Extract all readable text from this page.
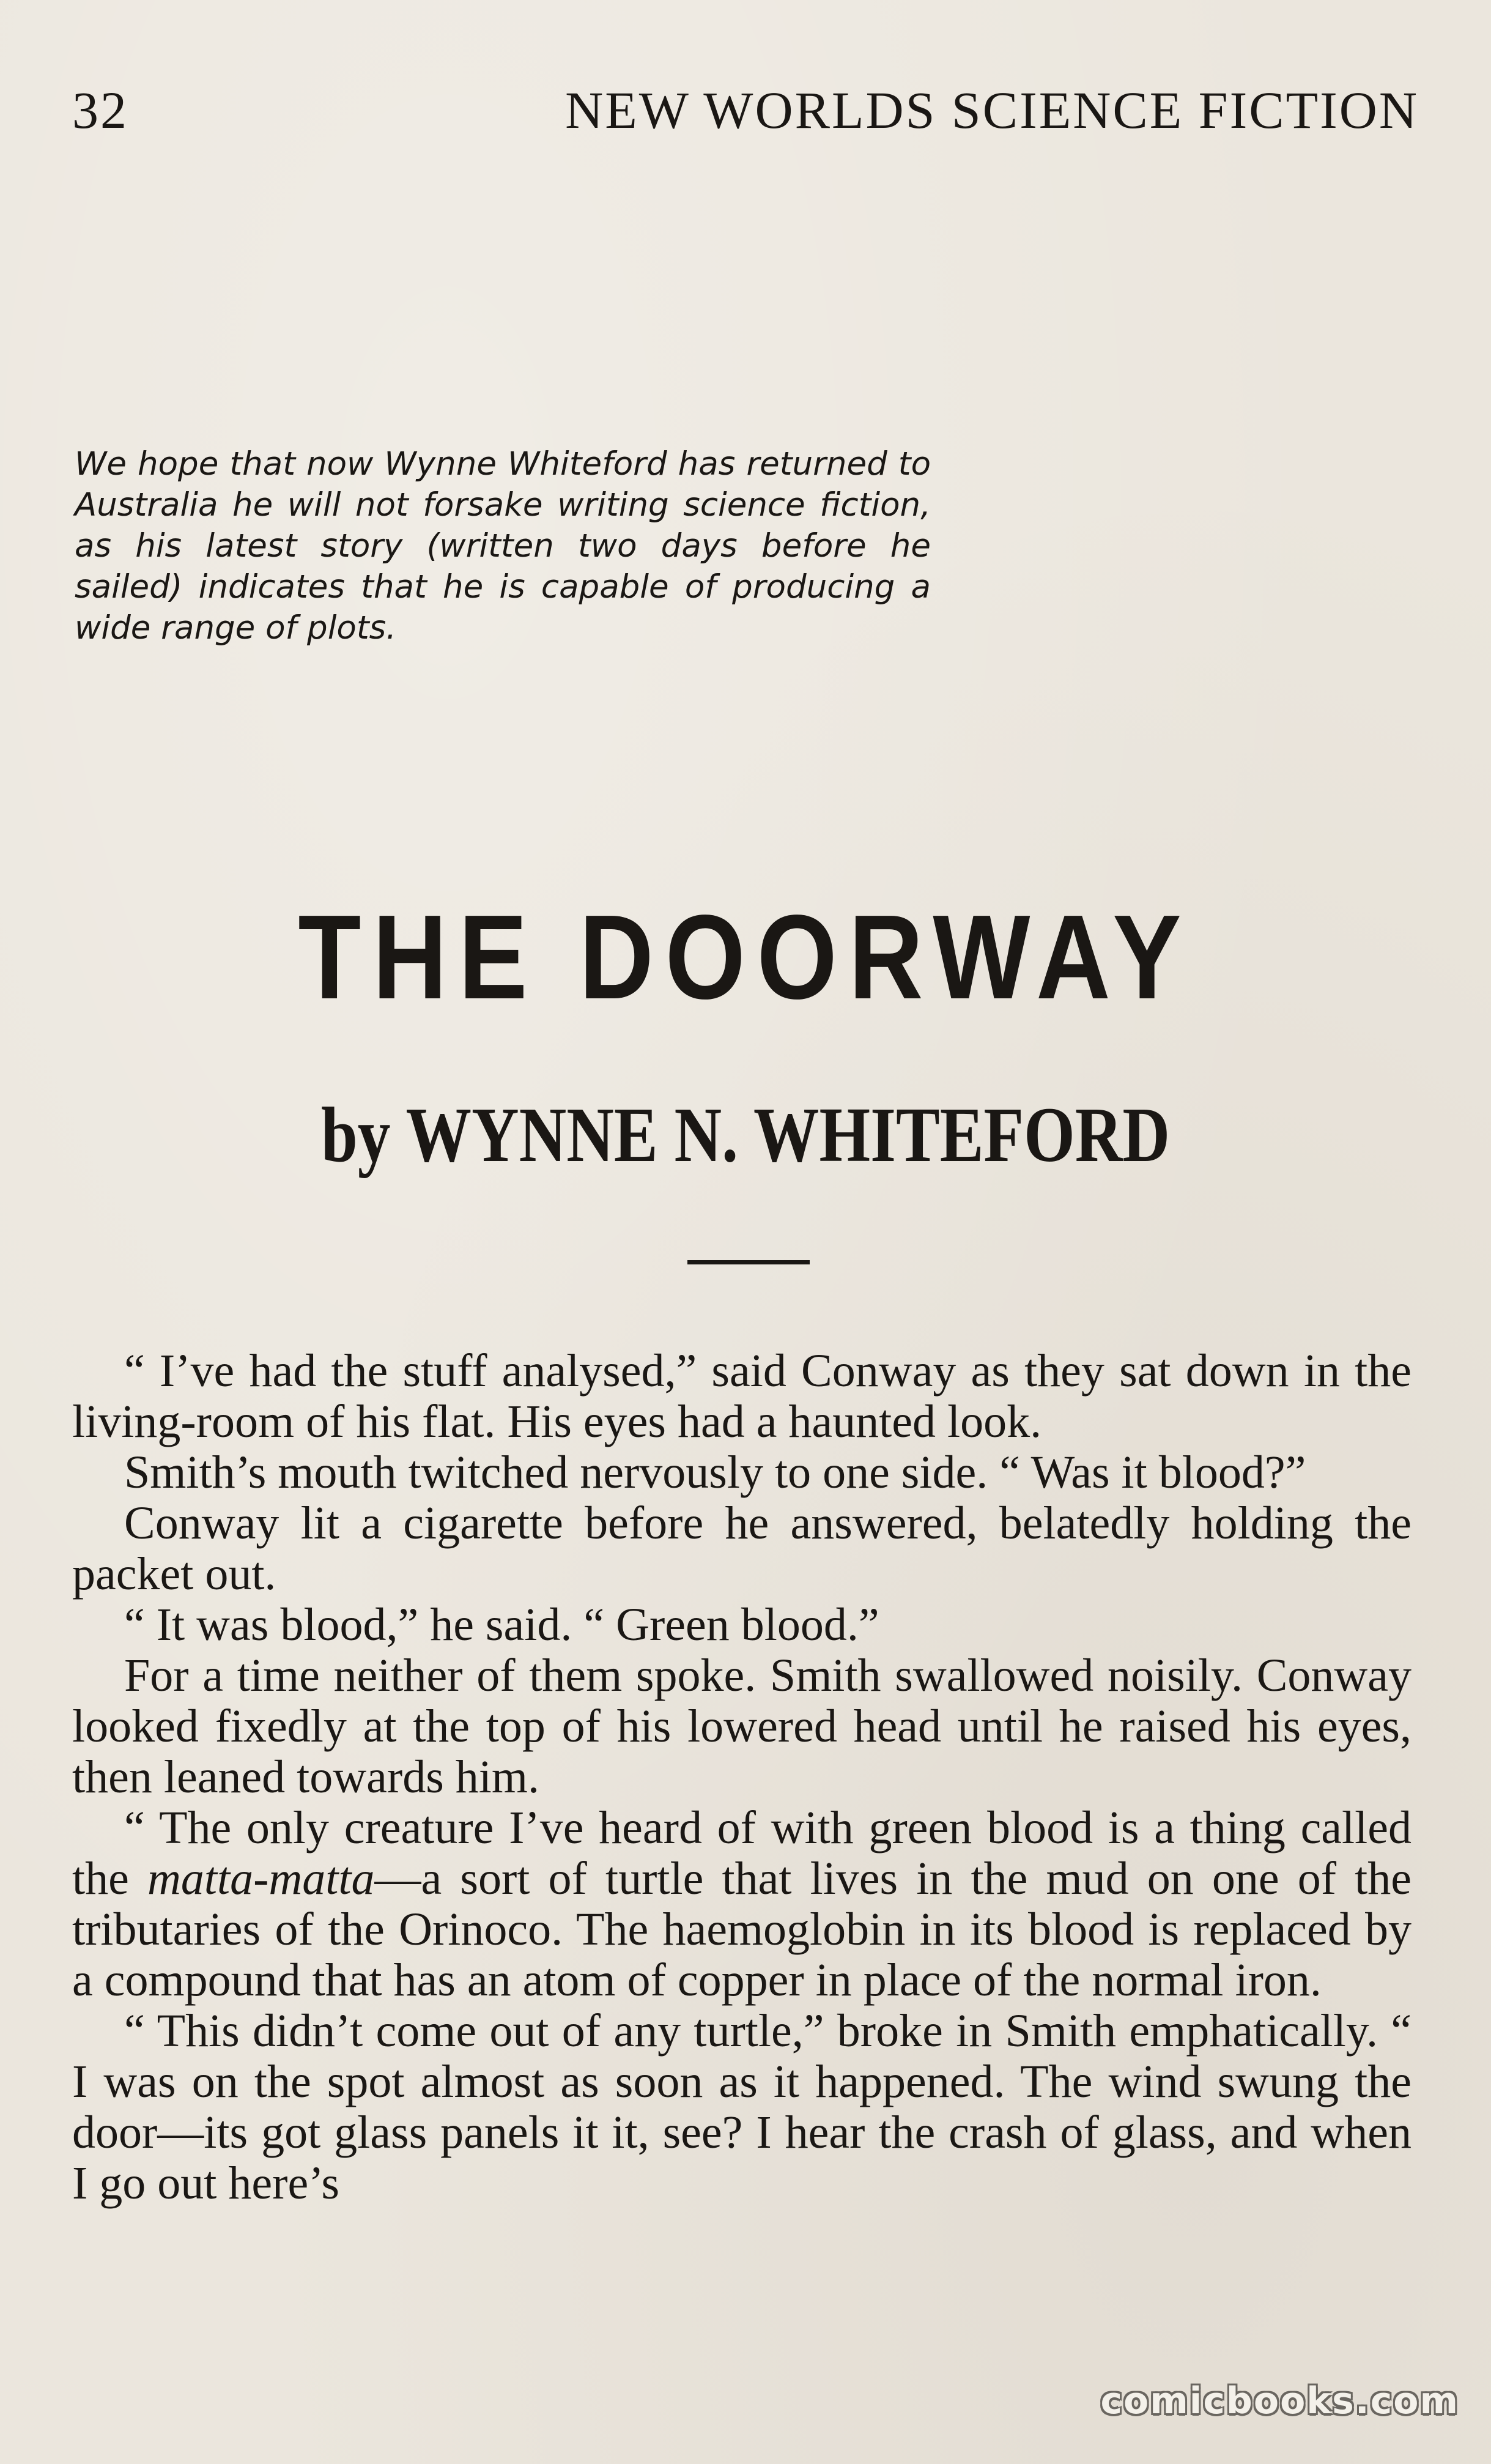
32	NEW WORLDS SCIENCE FICTION
We hope that now Wynne Whiteford has returned to Australia he will not forsake writing science fiction, as his latest story (written two days before he sailed) indicates that he is capable of producing a wide range of plots.
THE DOORWAY
by WYNNE N. WHITEFORD

“ I’ve had the stuff analysed,” said Conway as they sat down in the living-room of his flat. His eyes had a haunted look.

Smith’s mouth twitched nervously to one side. “ Was it blood?”

Conway lit a cigarette before he answered, belatedly holding the packet out.

“ It was blood,” he said. “ Green blood.”

For a time neither of them spoke. Smith swallowed noisily. Conway looked fixedly at the top of his lowered head until he raised his eyes, then leaned towards him.

“ The only creature I’ve heard of with green blood is a thing called the matta-matta—a sort of turtle that lives in the mud on one of the tributaries of the Orinoco. The haemoglobin in its blood is replaced by a compound that has an atom of copper in place of the normal iron.

“ This didn’t come out of any turtle,” broke in Smith emphatically. “ I was on the spot almost as soon as it happened. The wind swung the door—its got glass panels it it, see? I hear the crash of glass, and when I go out here’s

comicbooks.com
